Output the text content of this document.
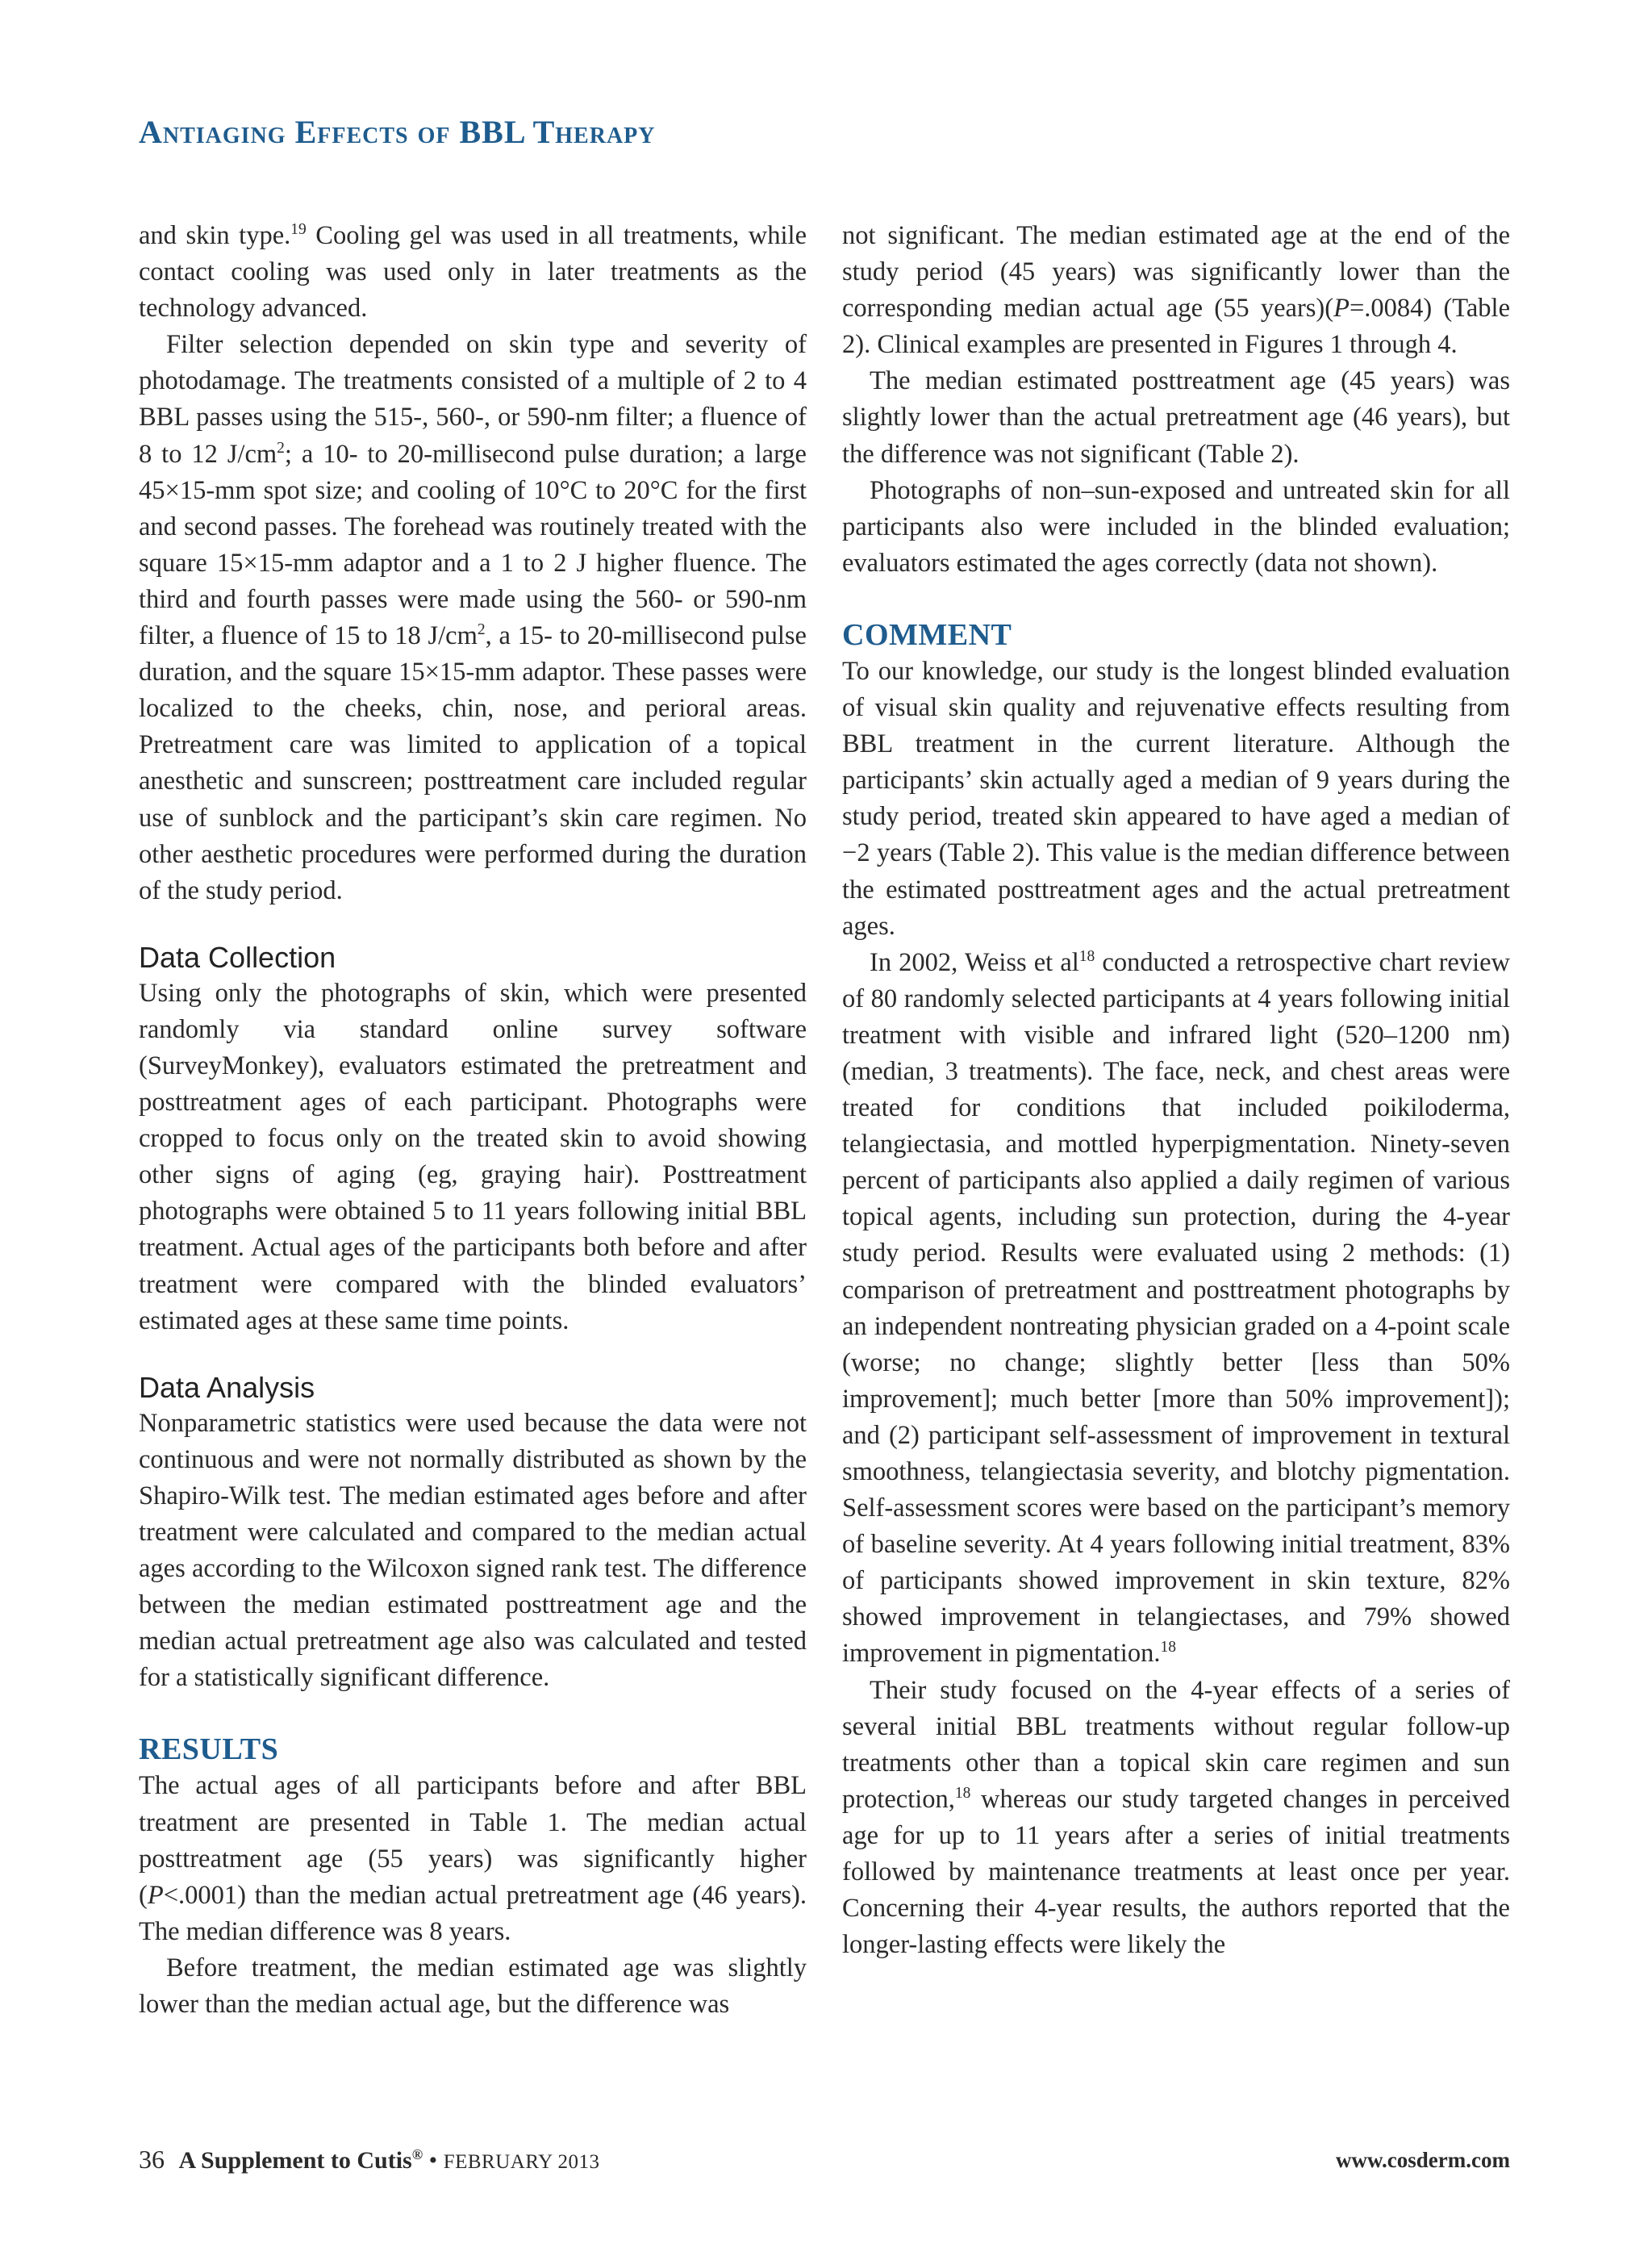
Antiaging Effects of BBL Therapy

and skin type.$^{19}$ Cooling gel was used in all treatments, while contact cooling was used only in later treatments as the technology advanced.

Filter selection depended on skin type and severity of photodamage. The treatments consisted of a multiple of 2 to 4 BBL passes using the 515-, 560-, or 590-nm filter; a fluence of 8 to 12 $J/cm^2$; a 10- to 20-millisecond pulse duration; a large 45×15-mm spot size; and cooling of 10°C to 20°C for the first and second passes. The forehead was routinely treated with the square 15×15-mm adaptor and a 1 to 2 J higher fluence. The third and fourth passes were made using the 560- or 590-nm filter, a fluence of 15 to 18 $J/cm^2$, a 15- to 20-millisecond pulse duration, and the square 15×15-mm adaptor. These passes were localized to the cheeks, chin, nose, and perioral areas. Pretreatment care was limited to application of a topical anesthetic and sunscreen; posttreatment care included regular use of sunblock and the participant’s skin care regimen. No other aesthetic procedures were performed during the duration of the study period.

Data Collection

Using only the photographs of skin, which were presented randomly via standard online survey software (SurveyMonkey), evaluators estimated the pretreatment and posttreatment ages of each participant. Photographs were cropped to focus only on the treated skin to avoid showing other signs of aging (eg, graying hair). Posttreatment photographs were obtained 5 to 11 years following initial BBL treatment. Actual ages of the participants both before and after treatment were compared with the blinded evaluators’ estimated ages at these same time points.

Data Analysis

Nonparametric statistics were used because the data were not continuous and were not normally distributed as shown by the Shapiro-Wilk test. The median estimated ages before and after treatment were calculated and compared to the median actual ages according to the Wilcoxon signed rank test. The difference between the median estimated posttreatment age and the median actual pretreatment age also was calculated and tested for a statistically significant difference.

RESULTS

The actual ages of all participants before and after BBL treatment are presented in Table 1. The median actual posttreatment age (55 years) was significantly higher (P<.0001) than the median actual pretreatment age (46 years). The median difference was 8 years.

Before treatment, the median estimated age was slightly lower than the median actual age, but the difference was

not significant. The median estimated age at the end of the study period (45 years) was significantly lower than the corresponding median actual age (55 years)(P=.0084) (Table 2). Clinical examples are presented in Figures 1 through 4.

The median estimated posttreatment age (45 years) was slightly lower than the actual pretreatment age (46 years), but the difference was not significant (Table 2).

Photographs of non–sun-exposed and untreated skin for all participants also were included in the blinded evaluation; evaluators estimated the ages correctly (data not shown).

COMMENT

To our knowledge, our study is the longest blinded evaluation of visual skin quality and rejuvenative effects resulting from BBL treatment in the current literature. Although the participants’ skin actually aged a median of 9 years during the study period, treated skin appeared to have aged a median of −2 years (Table 2). This value is the median difference between the estimated posttreatment ages and the actual pretreatment ages.

In 2002, Weiss et $al^{18}$ conducted a retrospective chart review of 80 randomly selected participants at 4 years following initial treatment with visible and infrared light (520–1200 nm)(median, 3 treatments). The face, neck, and chest areas were treated for conditions that included poikiloderma, telangiectasia, and mottled hyperpigmentation. Ninety-seven percent of participants also applied a daily regimen of various topical agents, including sun protection, during the 4-year study period. Results were evaluated using 2 methods: (1) comparison of pretreatment and posttreatment photographs by an independent nontreating physician graded on a 4-point scale (worse; no change; slightly better [less than 50% improvement]; much better [more than 50% improvement]); and (2) participant self-assessment of improvement in textural smoothness, telangiectasia severity, and blotchy pigmentation. Self-assessment scores were based on the participant’s memory of baseline severity. At 4 years following initial treatment, 83% of participants showed improvement in skin texture, 82% showed improvement in telangiectases, and 79% showed improvement in pigmentation.$^{18}$

Their study focused on the 4-year effects of a series of several initial BBL treatments without regular follow-up treatments other than a topical skin care regimen and sun protection,$^{18}$ whereas our study targeted changes in perceived age for up to 11 years after a series of initial treatments followed by maintenance treatments at least once per year. Concerning their 4-year results, the authors reported that the longer-lasting effects were likely the

36 A Supplement to Cutis® • FEBRUARY 2013	www.cosderm.com
